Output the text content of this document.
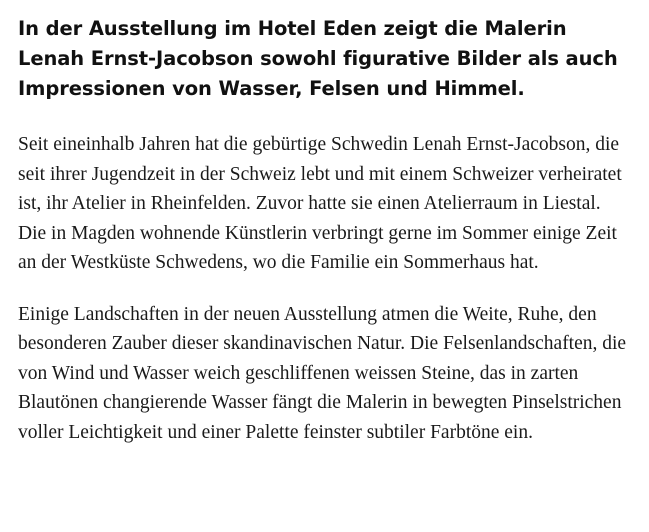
In der Ausstellung im Hotel Eden zeigt die Malerin Lenah Ernst-Jacobson sowohl figurative Bilder als auch Impressionen von Wasser, Felsen und Himmel.

Seit eineinhalb Jahren hat die gebürtige Schwedin Lenah Ernst-Jacobson, die seit ihrer Jugendzeit in der Schweiz lebt und mit einem Schweizer verheiratet ist, ihr Atelier in Rheinfelden. Zuvor hatte sie einen Atelierraum in Liestal. Die in Magden wohnende Künstlerin verbringt gerne im Sommer einige Zeit an der Westküste Schwedens, wo die Familie ein Sommerhaus hat.

Einige Landschaften in der neuen Ausstellung atmen die Weite, Ruhe, den besonderen Zauber dieser skandinavischen Natur. Die Felsenlandschaften, die von Wind und Wasser weich geschliffenen weissen Steine, das in zarten Blautönen changierende Wasser fängt die Malerin in bewegten Pinselstrichen voller Leichtigkeit und einer Palette feinster subtiler Farbtöne ein.
